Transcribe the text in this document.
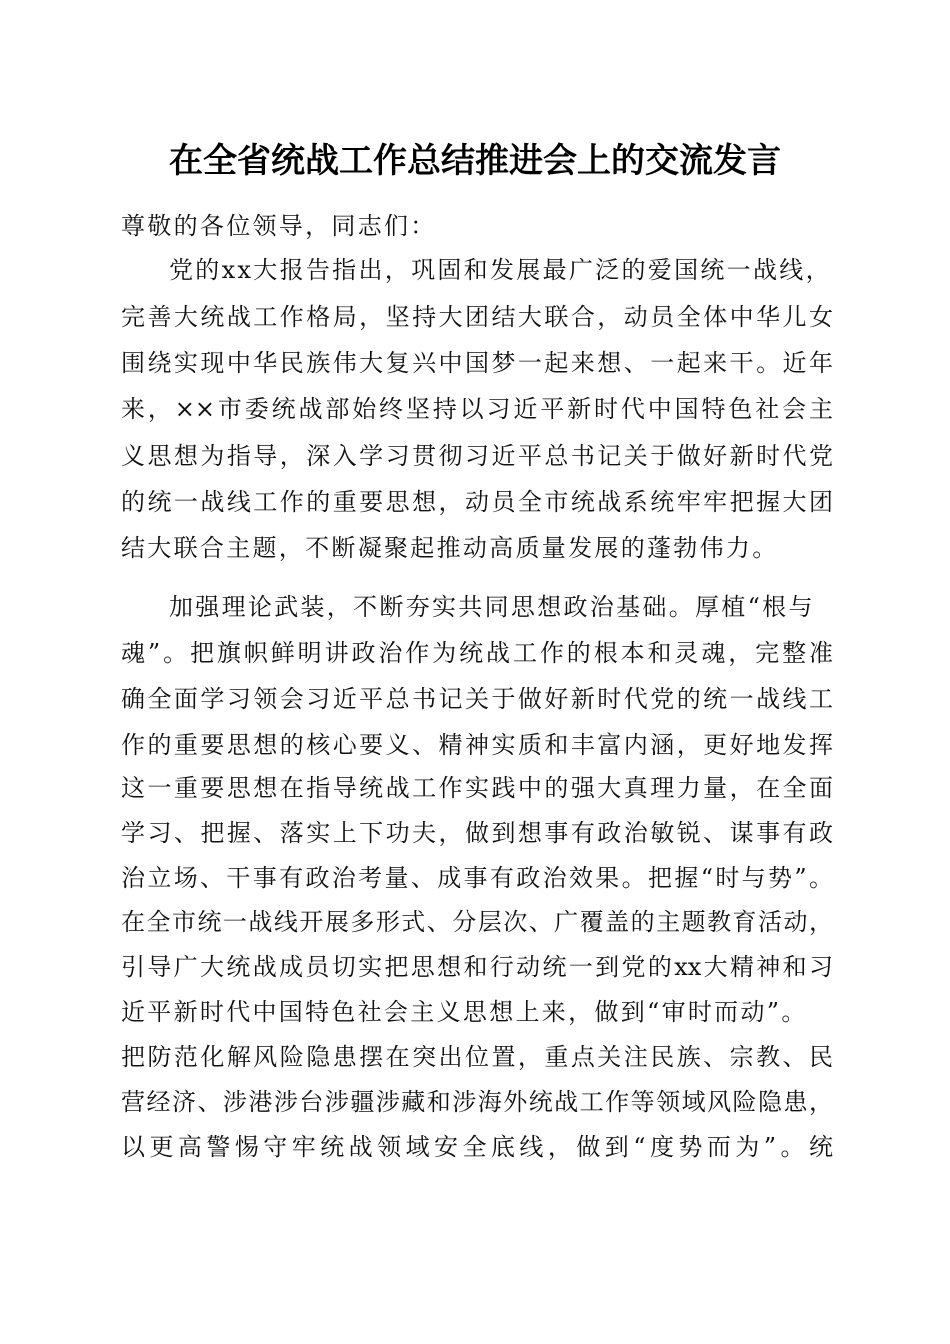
在全省统战工作总结推进会上的交流发言
尊敬的各位领导，同志们：
党的xx大报告指出，巩固和发展最广泛的爱国统一战线，
完善大统战工作格局，坚持大团结大联合，动员全体中华儿女
围绕实现中华民族伟大复兴中国梦一起来想、一起来干。近年
来，××市委统战部始终坚持以习近平新时代中国特色社会主
义思想为指导，深入学习贯彻习近平总书记关于做好新时代党
的统一战线工作的重要思想，动员全市统战系统牢牢把握大团
结大联合主题，不断凝聚起推动高质量发展的蓬勃伟力。
加强理论武装，不断夯实共同思想政治基础。厚植“根与
魂”。把旗帜鲜明讲政治作为统战工作的根本和灵魂，完整准
确全面学习领会习近平总书记关于做好新时代党的统一战线工
作的重要思想的核心要义、精神实质和丰富内涵，更好地发挥
这一重要思想在指导统战工作实践中的强大真理力量，在全面
学习、把握、落实上下功夫，做到想事有政治敏锐、谋事有政
治立场、干事有政治考量、成事有政治效果。把握“时与势”。
在全市统一战线开展多形式、分层次、广覆盖的主题教育活动，
引导广大统战成员切实把思想和行动统一到党的xx大精神和习
近平新时代中国特色社会主义思想上来，做到“审时而动”。
把防范化解风险隐患摆在突出位置，重点关注民族、宗教、民
营经济、涉港涉台涉疆涉藏和涉海外统战工作等领域风险隐患，
以更高警惕守牢统战领域安全底线，做到“度势而为”。统
